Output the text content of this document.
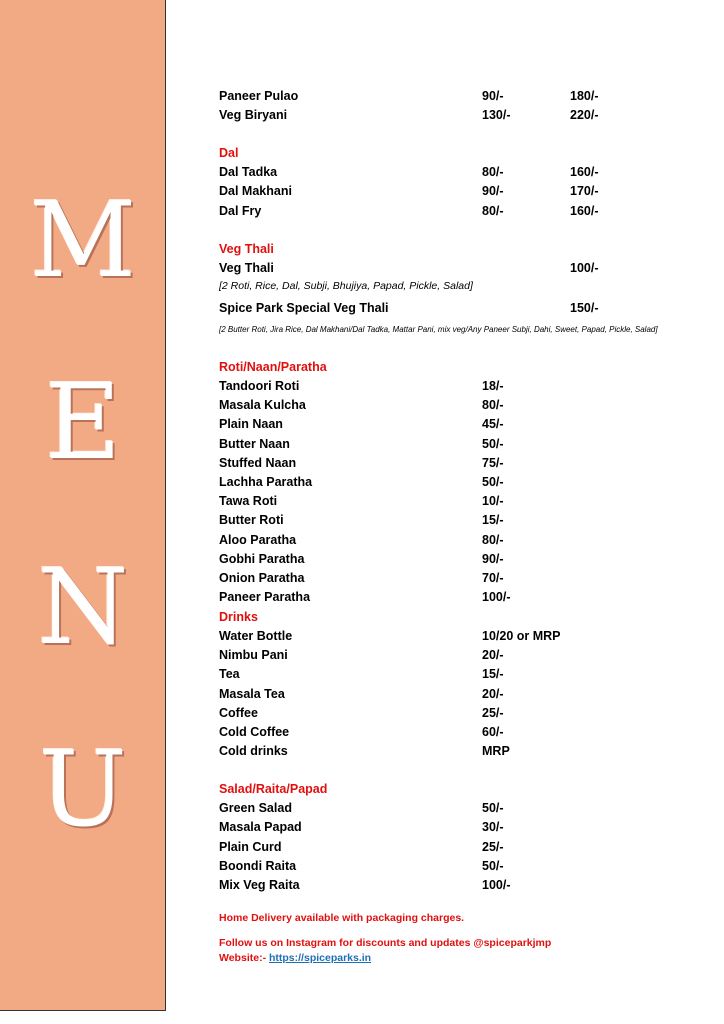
M
E
N
U
Paneer Pulao	90/-	180/-
Veg Biryani	130/-	220/-
Dal
Dal Tadka	80/-	160/-
Dal Makhani	90/-	170/-
Dal Fry	80/-	160/-
Veg Thali
Veg Thali	100/-
[2 Roti, Rice, Dal, Subji, Bhujiya, Papad, Pickle, Salad]
Spice Park Special Veg Thali	150/-
[2 Butter Roti, Jira Rice, Dal Makhani/Dal Tadka, Mattar Pani, mix veg/Any Paneer Subji, Dahi, Sweet, Papad, Pickle, Salad]
Roti/Naan/Paratha
Tandoori Roti	18/-
Masala Kulcha	80/-
Plain Naan	45/-
Butter Naan	50/-
Stuffed Naan	75/-
Lachha Paratha	50/-
Tawa Roti	10/-
Butter Roti	15/-
Aloo Paratha	80/-
Gobhi Paratha	90/-
Onion Paratha	70/-
Paneer Paratha	100/-
Drinks
Water Bottle	10/20 or MRP
Nimbu Pani	20/-
Tea	15/-
Masala Tea	20/-
Coffee	25/-
Cold Coffee	60/-
Cold drinks	MRP
Salad/Raita/Papad
Green Salad	50/-
Masala Papad	30/-
Plain Curd	25/-
Boondi Raita	50/-
Mix Veg Raita	100/-
Home Delivery available with packaging charges.
Follow us on Instagram for discounts and updates @spiceparkjmp
Website:- https://spiceparks.in
